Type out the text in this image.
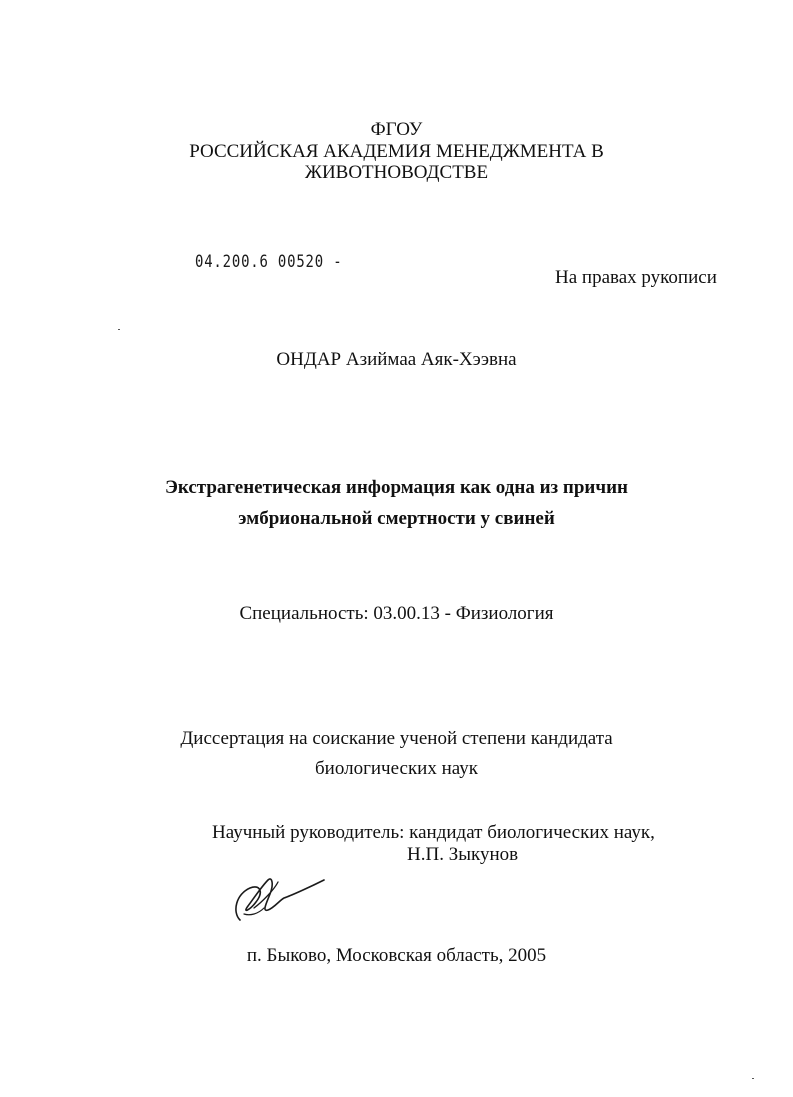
ФГОУ
РОССИЙСКАЯ АКАДЕМИЯ МЕНЕДЖМЕНТА В
ЖИВОТНОВОДСТВЕ
04.200.6 00520 -
На правах рукописи
ОНДАР Азиймаа Аяк-Хээвна
Экстрагенетическая информация как одна из причин
эмбриональной смертности у свиней
Специальность: 03.00.13 - Физиология
Диссертация на соискание ученой степени кандидата
биологических наук
Научный руководитель: кандидат биологических наук,
Н.П. Зыкунов
п. Быково, Московская область, 2005
